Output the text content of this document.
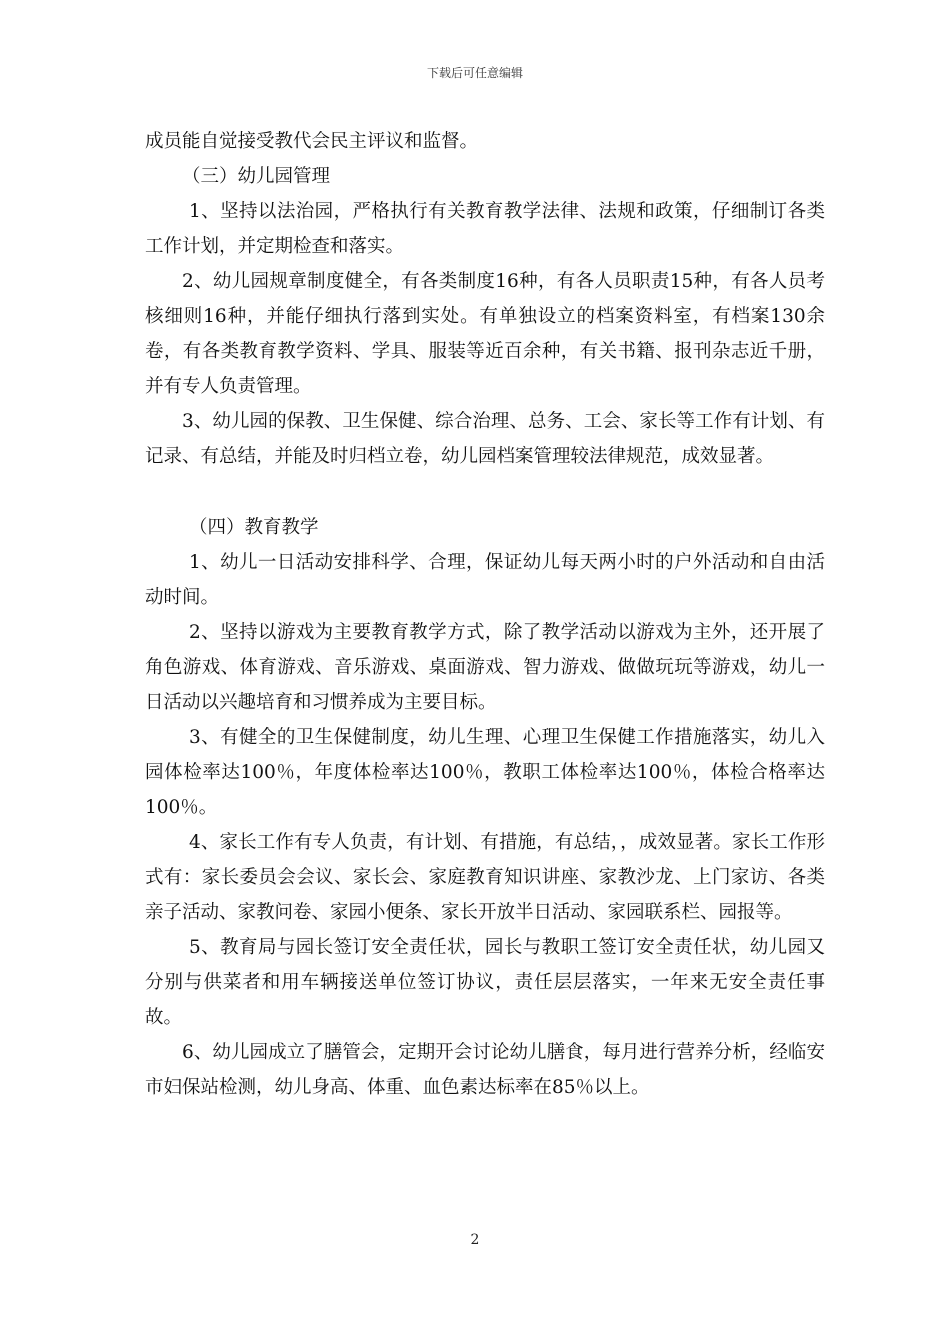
下载后可任意编辑

成员能自觉接受教代会民主评议和监督。

（三）幼儿园管理

1、坚持以法治园，严格执行有关教育教学法律、法规和政策，仔细制订各类工作计划，并定期检查和落实。

2、幼儿园规章制度健全，有各类制度16种，有各人员职责15种，有各人员考核细则16种，并能仔细执行落到实处。有单独设立的档案资料室，有档案130余卷，有各类教育教学资料、学具、服装等近百余种，有关书籍、报刊杂志近千册，并有专人负责管理。

3、幼儿园的保教、卫生保健、综合治理、总务、工会、家长等工作有计划、有记录、有总结，并能及时归档立卷，幼儿园档案管理较法律规范，成效显著。

（四）教育教学

1、幼儿一日活动安排科学、合理，保证幼儿每天两小时的户外活动和自由活动时间。

2、坚持以游戏为主要教育教学方式，除了教学活动以游戏为主外，还开展了角色游戏、体育游戏、音乐游戏、桌面游戏、智力游戏、做做玩玩等游戏，幼儿一日活动以兴趣培育和习惯养成为主要目标。

3、有健全的卫生保健制度，幼儿生理、心理卫生保健工作措施落实，幼儿入园体检率达100％，年度体检率达100％，教职工体检率达100％，体检合格率达100％。

4、家长工作有专人负责，有计划、有措施，有总结，，成效显著。家长工作形式有：家长委员会会议、家长会、家庭教育知识讲座、家教沙龙、上门家访、各类亲子活动、家教问卷、家园小便条、家长开放半日活动、家园联系栏、园报等。

5、教育局与园长签订安全责任状，园长与教职工签订安全责任状，幼儿园又分别与供菜者和用车辆接送单位签订协议，责任层层落实，一年来无安全责任事故。

6、幼儿园成立了膳管会，定期开会讨论幼儿膳食，每月进行营养分析，经临安市妇保站检测，幼儿身高、体重、血色素达标率在85％以上。

2
